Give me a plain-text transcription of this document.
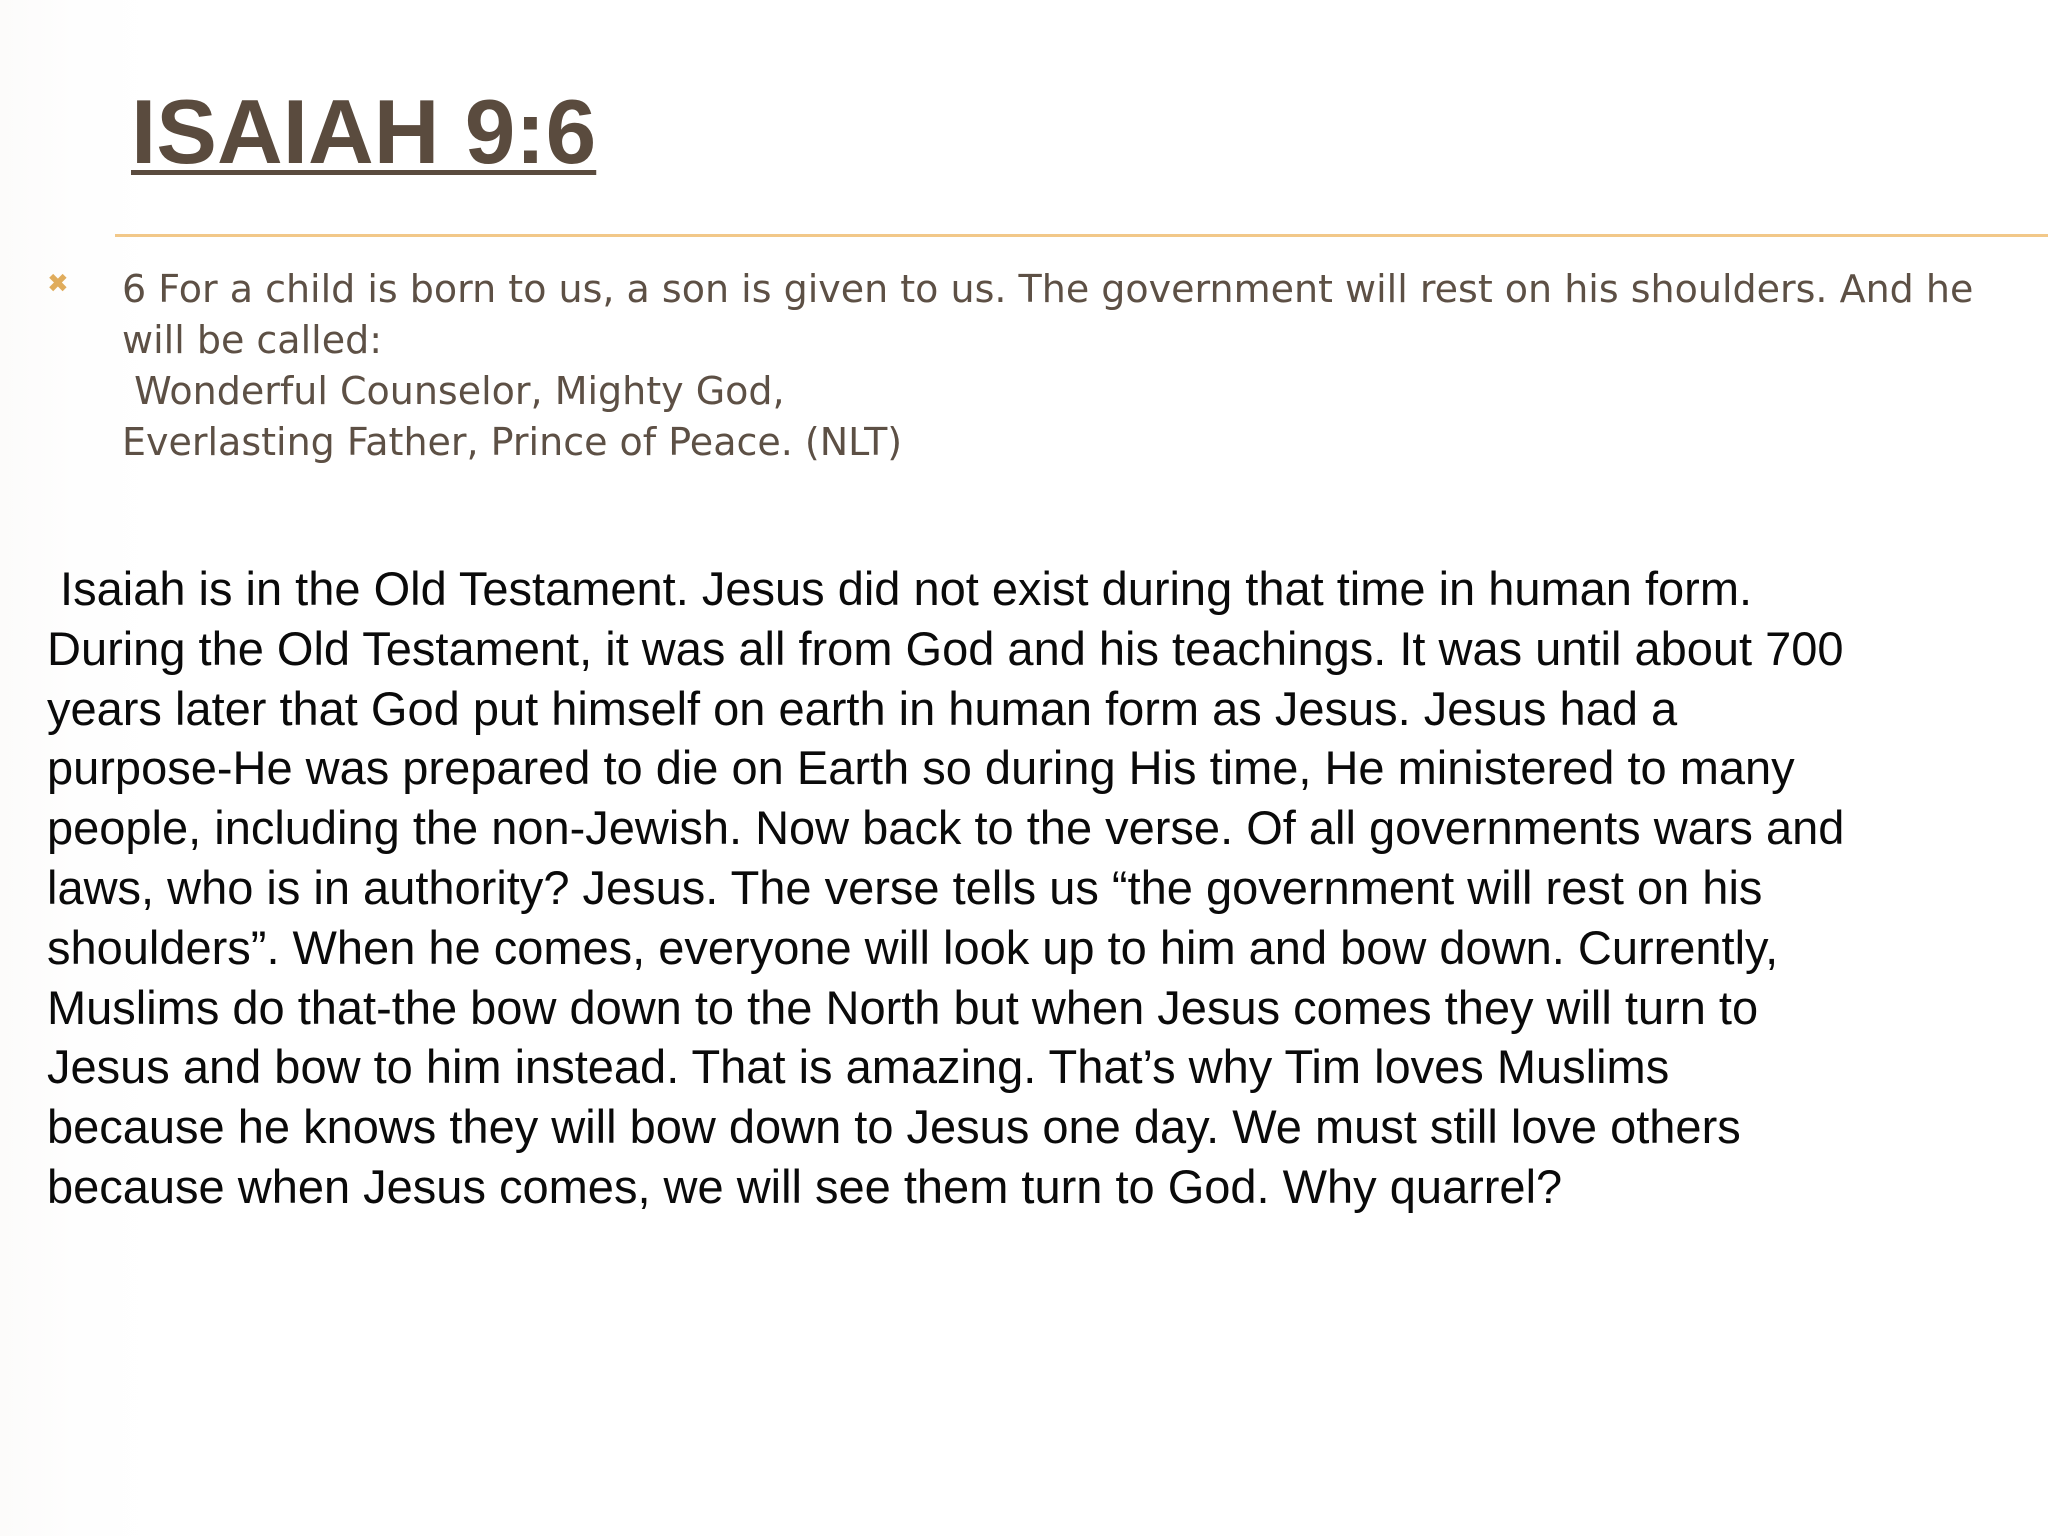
ISAIAH 9:6
✖ 6 For a child is born to us, a son is given to us. The government will rest on his shoulders. And he
will be called:
Wonderful Counselor, Mighty God,
Everlasting Father, Prince of Peace. (NLT)
Isaiah is in the Old Testament. Jesus did not exist during that time in human form.
During the Old Testament, it was all from God and his teachings. It was until about 700
years later that God put himself on earth in human form as Jesus. Jesus had a
purpose-He was prepared to die on Earth so during His time, He ministered to many
people, including the non-Jewish. Now back to the verse. Of all governments wars and
laws, who is in authority? Jesus. The verse tells us “the government will rest on his
shoulders”. When he comes, everyone will look up to him and bow down. Currently,
Muslims do that-the bow down to the North but when Jesus comes they will turn to
Jesus and bow to him instead. That is amazing. That’s why Tim loves Muslims
because he knows they will bow down to Jesus one day. We must still love others
because when Jesus comes, we will see them turn to God. Why quarrel?
